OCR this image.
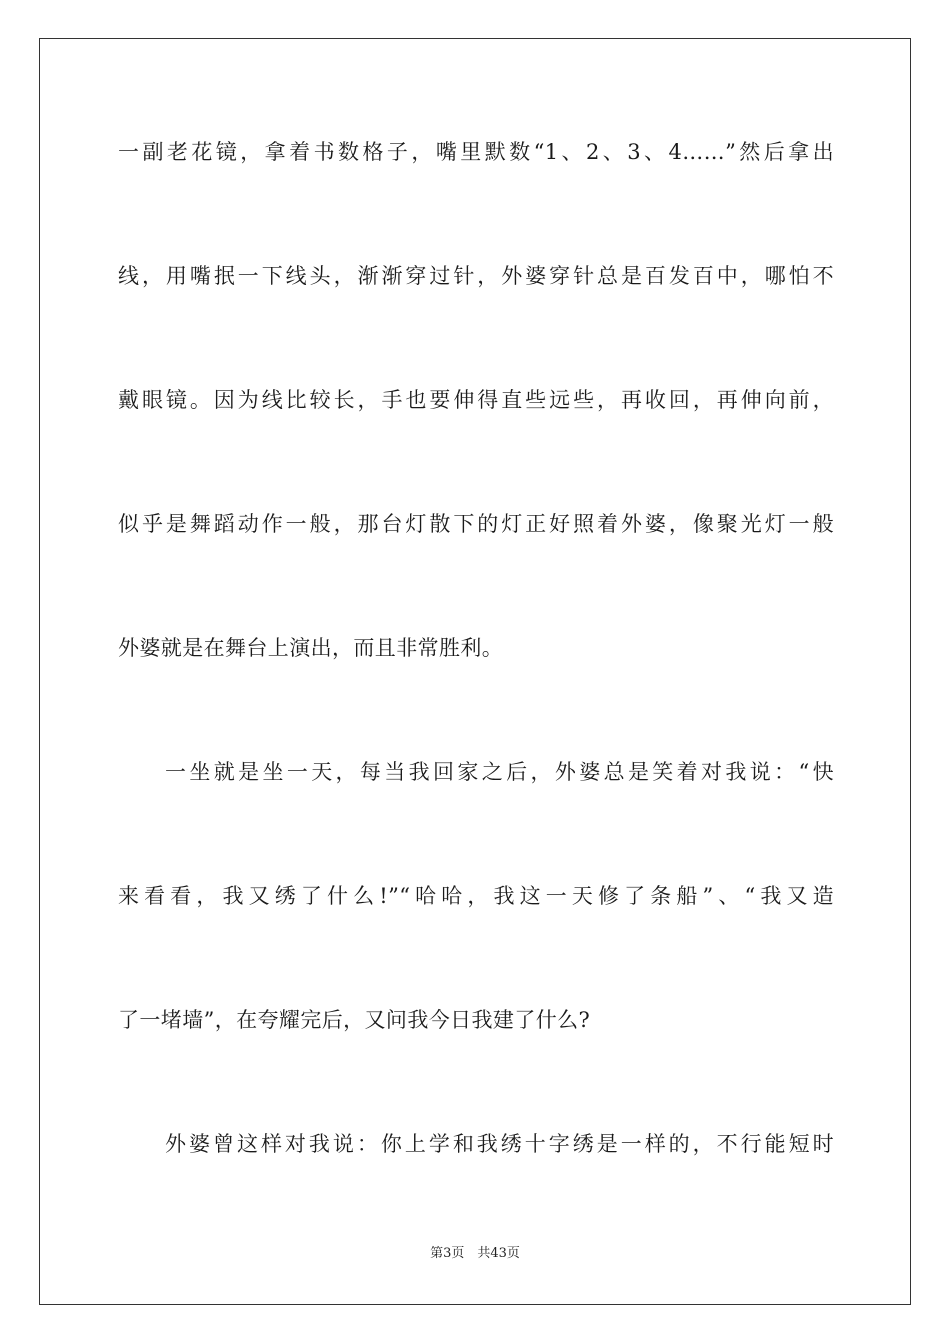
一副老花镜，拿着书数格子，嘴里默数“1、2、3、4……”然后拿出
线，用嘴抿一下线头，渐渐穿过针，外婆穿针总是百发百中，哪怕不
戴眼镜。因为线比较长，手也要伸得直些远些，再收回，再伸向前，
似乎是舞蹈动作一般，那台灯散下的灯正好照着外婆，像聚光灯一般
外婆就是在舞台上演出，而且非常胜利。
一坐就是坐一天，每当我回家之后，外婆总是笑着对我说：“快
来看看，我又绣了什么!”“哈哈，我这一天修了条船”、“我又造
了一堵墙”，在夸耀完后，又问我今日我建了什么?
外婆曾这样对我说：你上学和我绣十字绣是一样的，不行能短时
第3页　共43页
